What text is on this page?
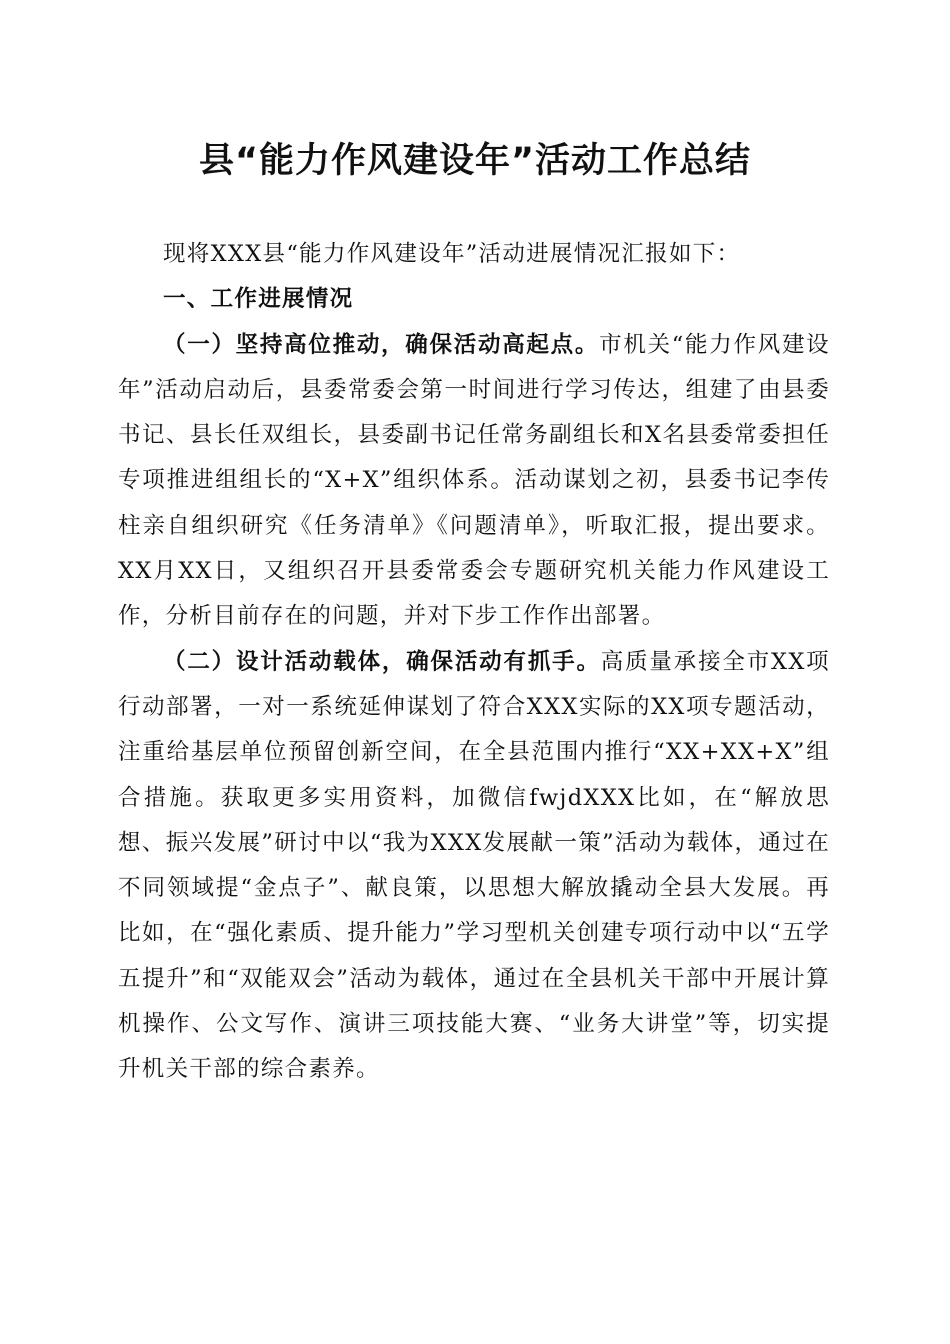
县“能力作风建设年”活动工作总结

现将XXX县“能力作风建设年”活动进展情况汇报如下：

一、工作进展情况

（一）坚持高位推动，确保活动高起点。市机关“能力作风建设年”活动启动后，县委常委会第一时间进行学习传达，组建了由县委书记、县长任双组长，县委副书记任常务副组长和X名县委常委担任专项推进组组长的“X+X”组织体系。活动谋划之初，县委书记李传柱亲自组织研究《任务清单》《问题清单》，听取汇报，提出要求。XX月XX日，又组织召开县委常委会专题研究机关能力作风建设工作，分析目前存在的问题，并对下步工作作出部署。

（二）设计活动载体，确保活动有抓手。高质量承接全市XX项行动部署，一对一系统延伸谋划了符合XXX实际的XX项专题活动，注重给基层单位预留创新空间，在全县范围内推行“XX+XX+X”组合措施。获取更多实用资料，加微信fwjdXXX比如，在“解放思想、振兴发展”研讨中以“我为XXX发展献一策”活动为载体，通过在不同领域提“金点子”、献良策，以思想大解放撬动全县大发展。再比如，在“强化素质、提升能力”学习型机关创建专项行动中以“五学五提升”和“双能双会”活动为载体，通过在全县机关干部中开展计算机操作、公文写作、演讲三项技能大赛、“业务大讲堂”等，切实提升机关干部的综合素养。
